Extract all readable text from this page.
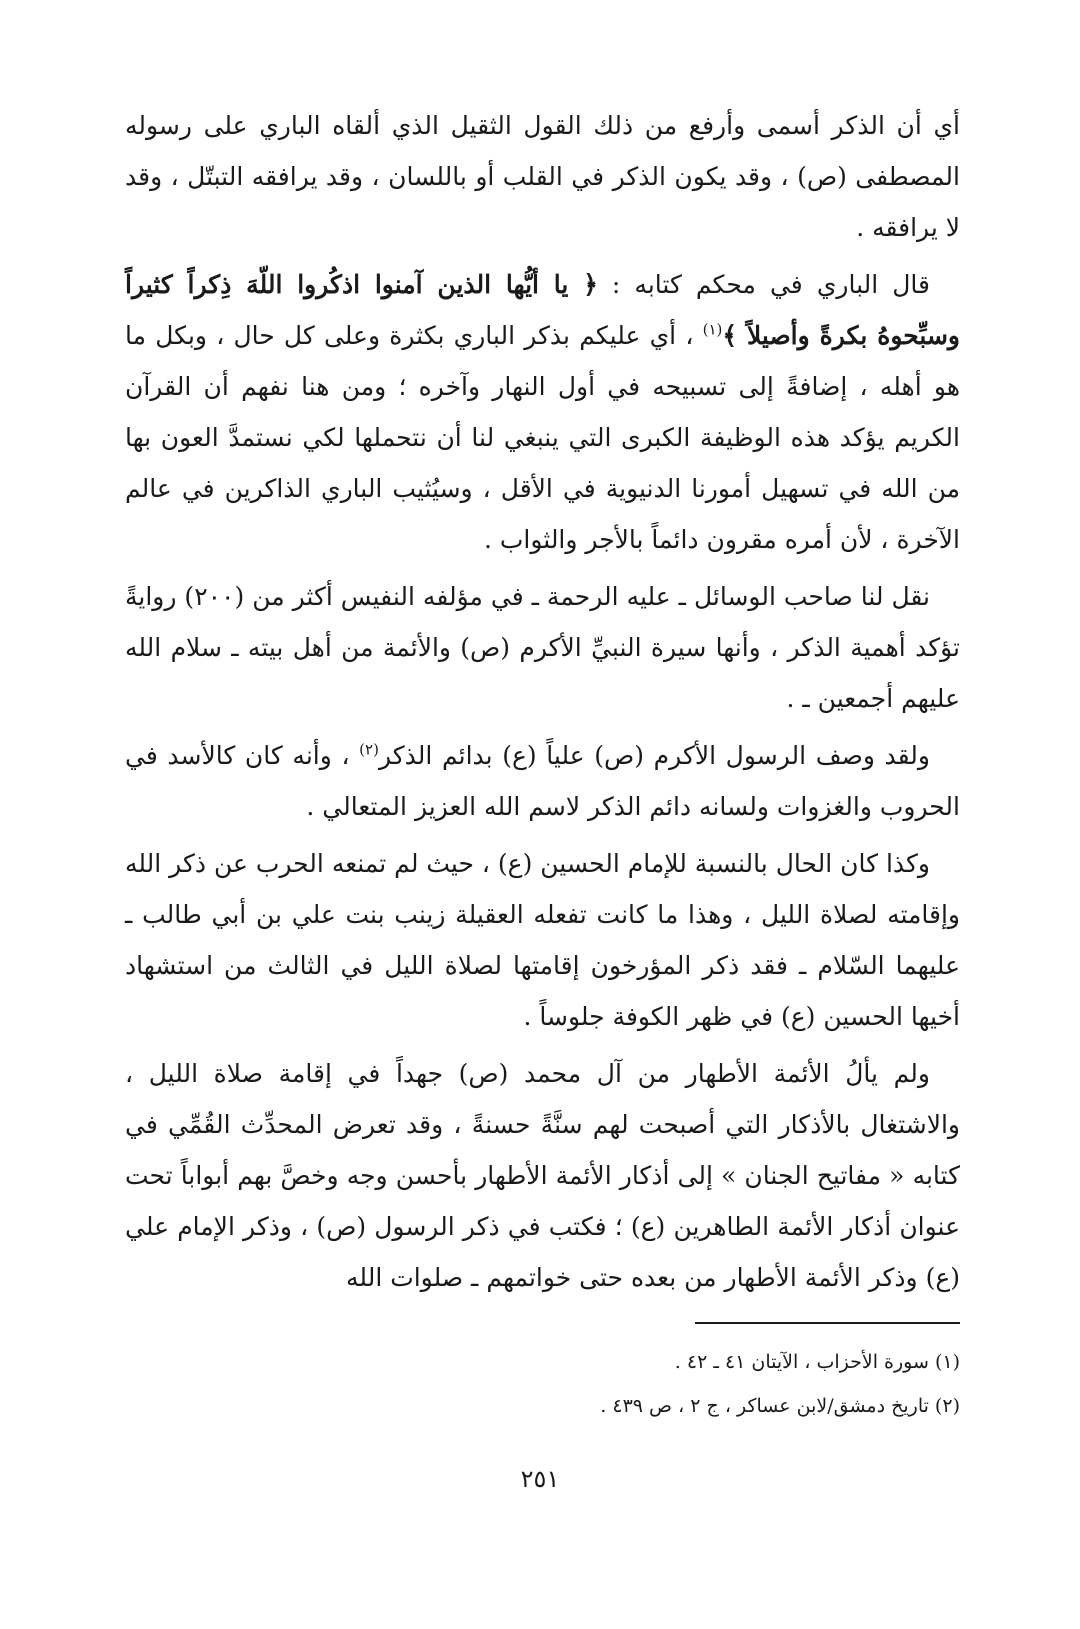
أي أن الذكر أسمى وأرفع من ذلك القول الثقيل الذي ألقاه الباري على رسوله المصطفى (ص) ، وقد يكون الذكر في القلب أو باللسان ، وقد يرافقه التبتّل ، وقد لا يرافقه .

قال الباري في محكم كتابه : ﴿ يا أيُّها الذين آمنوا اذكُروا اللّهَ ذِكراً كثيراً وسبِّحوهُ بكرةً وأصيلاً ﴾$^{(١)}$ ، أي عليكم بذكر الباري بكثرة وعلى كل حال ، وبكل ما هو أهله ، إضافةً إلى تسبيحه في أول النهار وآخره ؛ ومن هنا نفهم أن القرآن الكريم يؤكد هذه الوظيفة الكبرى التي ينبغي لنا أن نتحملها لكي نستمدَّ العون بها من الله في تسهيل أمورنا الدنيوية في الأقل ، وسيُثيب الباري الذاكرين في عالم الآخرة ، لأن أمره مقرون دائماً بالأجر والثواب .

نقل لنا صاحب الوسائل ـ عليه الرحمة ـ في مؤلفه النفيس أكثر من (٢٠٠) روايةً تؤكد أهمية الذكر ، وأنها سيرة النبيِّ الأكرم (ص) والأئمة من أهل بيته ـ سلام الله عليهم أجمعين ـ .

ولقد وصف الرسول الأكرم (ص) علياً (ع) بدائم الذكر$^{(٢)}$ ، وأنه كان كالأسد في الحروب والغزوات ولسانه دائم الذكر لاسم الله العزيز المتعالي .

وكذا كان الحال بالنسبة للإمام الحسين (ع) ، حيث لم تمنعه الحرب عن ذكر الله وإقامته لصلاة الليل ، وهذا ما كانت تفعله العقيلة زينب بنت علي بن أبي طالب ـ عليهما السّلام ـ فقد ذكر المؤرخون إقامتها لصلاة الليل في الثالث من استشهاد أخيها الحسين (ع) في ظهر الكوفة جلوساً .

ولم يألُ الأئمة الأطهار من آل محمد (ص) جهداً في إقامة صلاة الليل ، والاشتغال بالأذكار التي أصبحت لهم سنَّةً حسنةً ، وقد تعرض المحدِّث القُمِّي في كتابه « مفاتيح الجنان » إلى أذكار الأئمة الأطهار بأحسن وجه وخصَّ بهم أبواباً تحت عنوان أذكار الأئمة الطاهرين (ع) ؛ فكتب في ذكر الرسول (ص) ، وذكر الإمام علي (ع) وذكر الأئمة الأطهار من بعده حتى خواتمهم ـ صلوات الله

(١) سورة الأحزاب ، الآيتان ٤١ ـ ٤٢ .

(٢) تاريخ دمشق/لابن عساكر ، ج ٢ ، ص ٤٣٩ .

٢٥١
